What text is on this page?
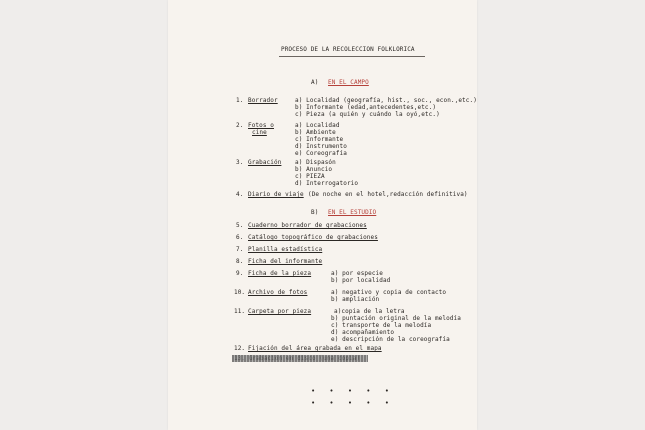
PROCESO DE LA RECOLECCION FOLKLORICA
A) EN EL CAMPO
1. Borrador	a) Localidad (geografía, hist., soc., econ.,etc.)
b) Informante (edad,antecedentes,etc.)
c) Pieza (a quién y cuándo la oyó,etc.)
2. Fotos o
cine
a) Localidad
b) Ambiente
c) Informante
d) Instrumento
e) Coreografía
3. Grabación a) Dispasón
b) Anuncio
c) PIEZA
d) Interrogatorio
4. Diario de viaje (De noche en el hotel,redacción definitiva)
B) EN EL ESTUDIO
5. Cuaderno borrador de grabaciones
6. Catálogo topográfico de grabaciones
7. Planilla estadística
8. Ficha del informante
9. Ficha de la pieza	a) por especie
b) por localidad
10. Archivo de fotos	a) negativo y copia de contacto
b) ampliación
11. Carpeta por pieza	a)copia de la letra
b) puntación original de la melodía
c) transporte de la melodía
d) acompañamiento
e) descripción de la coreografía
12. Fijación del área grabada en el mapa
• • • • •
• • • • •
